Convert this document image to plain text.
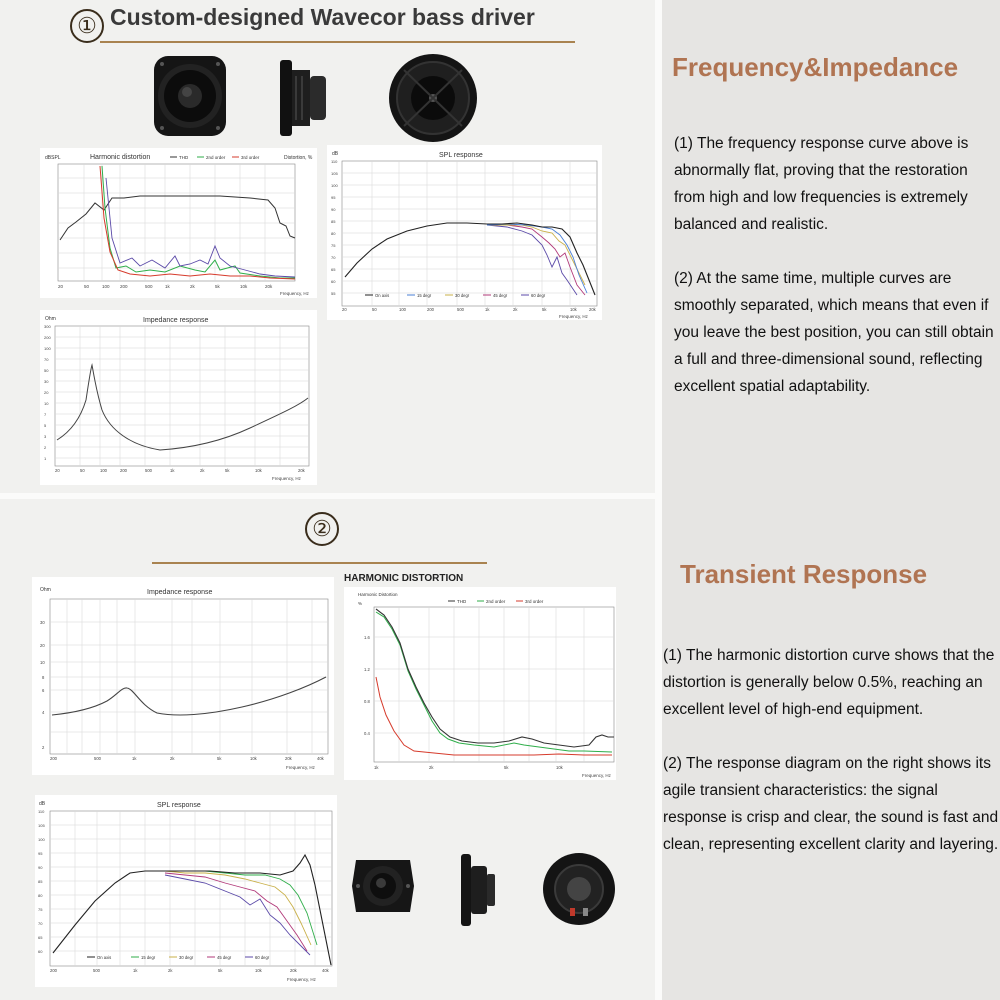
① Custom-designed Wavecor bass driver
dBSPL	Harmonic distortion	Distortion, %
THD	2nd order	3rd order
20	50	100 200	500	1k	2k	5k	10k	20k
Frequency, Hz
dB	SPL response
110
105
100
95
90
85
80
75
70
65
60
55	On axis	15 degr	30 degr	45 degr	60 degr
20	50	100	200	500	1k	2k	5k	10k	20k
Frequency, Hz
Ohm	Impedance response
300
200
100
70
50
30
20
10
7
5
3
2
1
20	50	100	200	500	1k	2k	5k	10k	20k
Frequency, Hz
②
Ohm	Impedance response
30
20
10
8
6
4
2
200	500	1k	2k	5k	10k	20k	40k
Frequency, Hz
HARMONIC DISTORTION
Harmonic Distortion
%	THD	2nd order	3rd order
1.6
1.2
0.8
0.4
1k	2k	5k	10k
Frequency, Hz
dB	SPL response
110
105
100
95
90
85
80
75
70
65
60
On axis	15 degr	30 degr	45 degr	60 degr
200	500	1k	2k	5k	10k	20k	40k
Frequency, Hz
Frequency&Impedance

(1) The frequency response curve above is abnormally flat, proving that the restoration from high and low frequencies is extremely balanced and realistic.

(2) At the same time, multiple curves are smoothly separated, which means that even if you leave the best position, you can still obtain a full and three-dimensional sound, reflecting excellent spatial adaptability.

Transient Response

(1) The harmonic distortion curve shows that the distortion is generally below 0.5%, reaching an excellent level of high-end equipment.

(2) The response diagram on the right shows its agile transient characteristics: the signal response is crisp and clear, the sound is fast and clean, representing excellent clarity and layering.
